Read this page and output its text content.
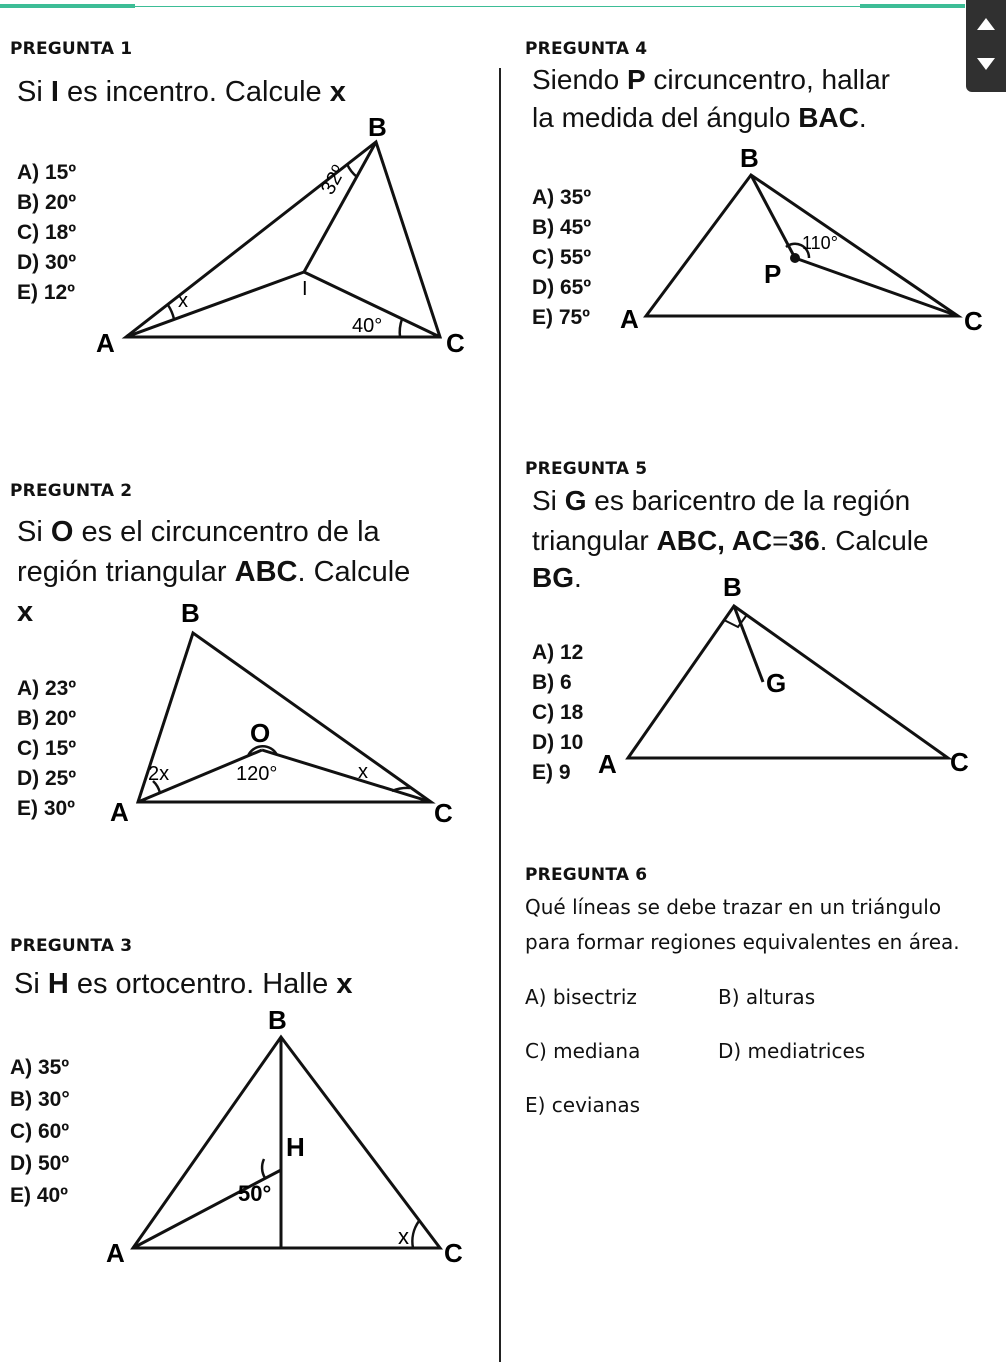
PREGUNTA 1
Si I es incentro. Calcule x
A) 15º
B) 20º
C) 18º
D) 30º
E) 12º
B
A	C
I
32º
40°
x
PREGUNTA 4
Siendo P circuncentro, hallar
la medida del ángulo BAC.
A) 35º
B) 45º
C) 55º
D) 65º
E) 75º
B
A	C
P
110°
PREGUNTA 2
Si O es el circuncentro de la
región triangular ABC. Calcule
x
A) 23º
B) 20º
C) 15º
D) 25º
E) 30º
B
A	C
O
2x	120°	x
PREGUNTA 5
Si G es baricentro de la región
triangular ABC, AC=36. Calcule
BG.
A) 12
B) 6
C) 18
D) 10
E) 9
B
A	C
G
PREGUNTA 3
Si H es ortocentro. Halle x
A) 35º
B) 30°
C) 60º
D) 50º
E) 40º
B
A	C
H
50°
x
PREGUNTA 6
Qué líneas se debe trazar en un triángulo
para formar regiones equivalentes en área.
A) bisectriz	B) alturas
C) mediana	D) mediatrices
E) cevianas
